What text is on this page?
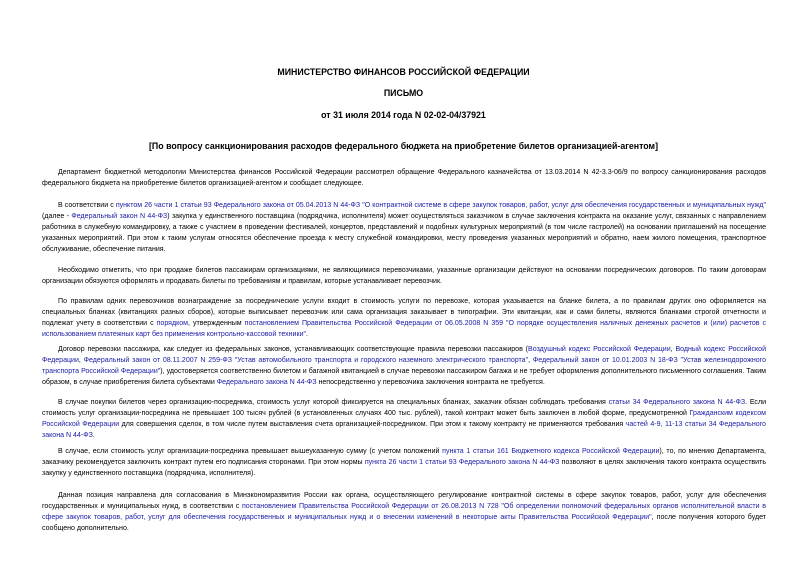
МИНИСТЕРСТВО ФИНАНСОВ РОССИЙСКОЙ ФЕДЕРАЦИИ
ПИСЬМО
от 31 июля 2014 года N 02-02-04/37921
[По вопросу санкционирования расходов федерального бюджета на приобретение билетов организацией-агентом]

Департамент бюджетной методологии Министерства финансов Российской Федерации рассмотрел обращение Федерального казначейства от 13.03.2014 N 42-3.3-06/9 по вопросу санкционирования расходов федерального бюджета на приобретение билетов организацией-агентом и сообщает следующее.

В соответствии с пунктом 26 части 1 статьи 93 Федерального закона от 05.04.2013 N 44-ФЗ "О контрактной системе в сфере закупок товаров, работ, услуг для обеспечения государственных и муниципальных нужд" (далее - Федеральный закон N 44-ФЗ) закупка у единственного поставщика (подрядчика, исполнителя) может осуществляться заказчиком в случае заключения контракта на оказание услуг, связанных с направлением работника в служебную командировку, а также с участием в проведении фестивалей, концертов, представлений и подобных культурных мероприятий (в том числе гастролей) на основании приглашений на посещение указанных мероприятий. При этом к таким услугам относятся обеспечение проезда к месту служебной командировки, месту проведения указанных мероприятий и обратно, наем жилого помещения, транспортное обслуживание, обеспечение питания.

Необходимо отметить, что при продаже билетов пассажирам организациями, не являющимися перевозчиками, указанные организации действуют на основании посреднических договоров. По таким договорам организации обязуются оформлять и продавать билеты по требованиям и правилам, которые устанавливает перевозчик.

По правилам одних перевозчиков вознаграждение за посреднические услуги входит в стоимость услуги по перевозке, которая указывается на бланке билета, а по правилам других оно оформляется на специальных бланках (квитанциях разных сборов), которые выписывает перевозчик или сама организация заказывает в типографии. Эти квитанции, как и сами билеты, являются бланками строгой отчетности и подлежат учету в соответствии с порядком, утвержденным постановлением Правительства Российской Федерации от 06.05.2008 N 359 "О порядке осуществления наличных денежных расчетов и (или) расчетов с использованием платежных карт без применения контрольно-кассовой техники".

Договор перевозки пассажира, как следует из федеральных законов, устанавливающих соответствующие правила перевозки пассажиров (Воздушный кодекс Российской Федерации, Водный кодекс Российской Федерации, Федеральный закон от 08.11.2007 N 259-ФЗ "Устав автомобильного транспорта и городского наземного электрического транспорта", Федеральный закон от 10.01.2003 N 18-ФЗ "Устав железнодорожного транспорта Российской Федерации"), удостоверяется соответственно билетом и багажной квитанцией в случае перевозки пассажиром багажа и не требует оформления дополнительного письменного соглашения. Таким образом, в случае приобретения билета субъектами Федерального закона N 44-ФЗ непосредственно у перевозчика заключения контракта не требуется.

В случае покупки билетов через организацию-посредника, стоимость услуг которой фиксируется на специальных бланках, заказчик обязан соблюдать требования статьи 34 Федерального закона N 44-ФЗ. Если стоимость услуг организации-посредника не превышает 100 тысяч рублей (в установленных случаях 400 тыс. рублей), такой контракт может быть заключен в любой форме, предусмотренной Гражданским кодексом Российской Федерации для совершения сделок, в том числе путем выставления счета организацией-посредником. При этом к такому контракту не применяются требования частей 4-9, 11-13 статьи 34 Федерального закона N 44-ФЗ.

В случае, если стоимость услуг организации-посредника превышает вышеуказанную сумму (с учетом положений пункта 1 статьи 161 Бюджетного кодекса Российской Федерации), то, по мнению Департамента, заказчику рекомендуется заключить контракт путем его подписания сторонами. При этом нормы пункта 26 части 1 статьи 93 Федерального закона N 44-ФЗ позволяют в целях заключения такого контракта осуществить закупку у единственного поставщика (подрядчика, исполнителя).

Данная позиция направлена для согласования в Минэкономразвития России как органа, осуществляющего регулирование контрактной системы в сфере закупок товаров, работ, услуг для обеспечения государственных и муниципальных нужд, в соответствии с постановлением Правительства Российской Федерации от 26.08.2013 N 728 "Об определении полномочий федеральных органов исполнительной власти в сфере закупок товаров, работ, услуг для обеспечения государственных и муниципальных нужд и о внесении изменений в некоторые акты Правительства Российской Федерации", после получения которого будет сообщено дополнительно.
